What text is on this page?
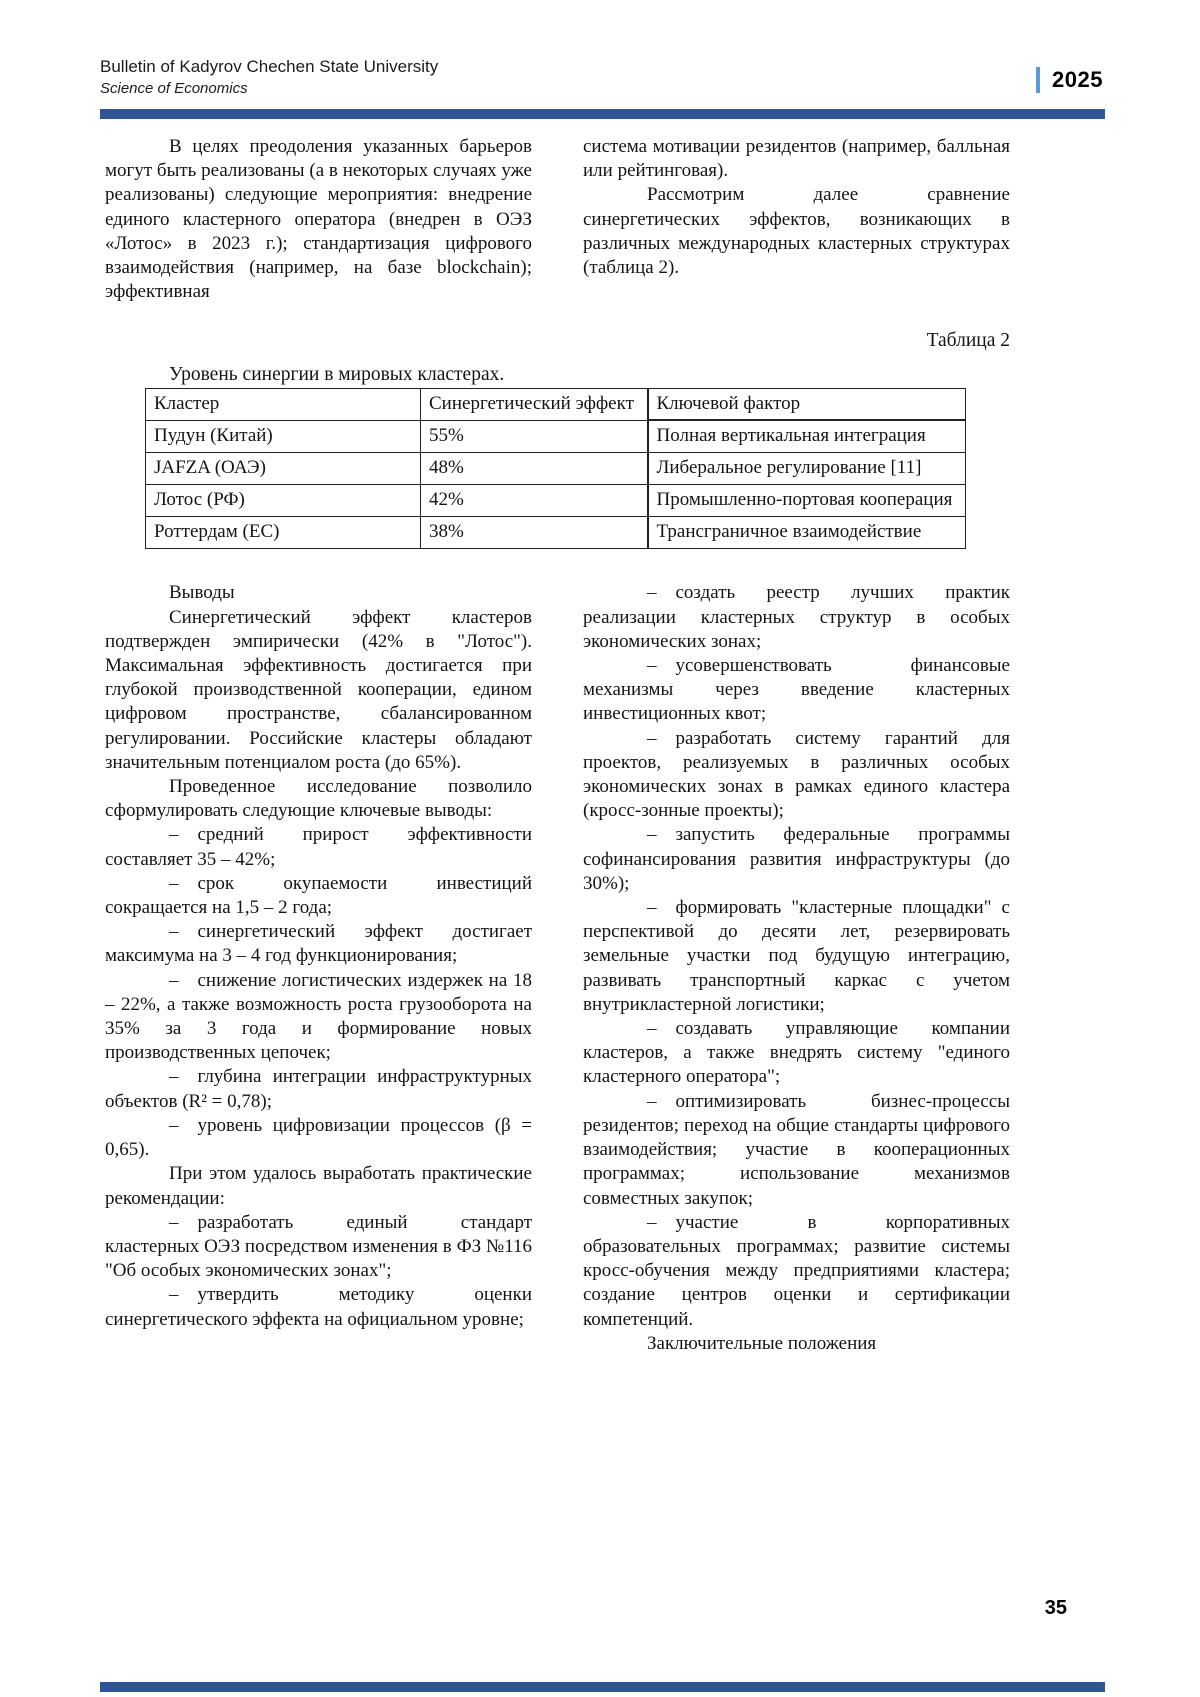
Bulletin of Kadyrov Chechen State University
Science of Economics	2025

В целях преодоления указанных барьеров могут быть реализованы (а в некоторых случаях уже реализованы) следующие мероприятия: внедрение единого кластерного оператора (внедрен в ОЭЗ «Лотос» в 2023 г.); стандартизация цифрового взаимодействия (например, на базе blockchain); эффективная

система мотивации резидентов (например, балльная или рейтинговая).

Рассмотрим далее сравнение синергетических эффектов, возникающих в различных международных кластерных структурах (таблица 2).

Таблица 2
Уровень синергии в мировых кластерах.
Кластер	Синергетический эффект	Ключевой фактор

Пудун (Китай)	55%	Полная вертикальная интеграция
JAFZA (ОАЭ)	48%	Либеральное регулирование [11]
Лотос (РФ)	42%	Промышленно-портовая кооперация
Роттердам (ЕС)	38%	Трансграничное взаимодействие

Выводы

Синергетический эффект кластеров подтвержден эмпирически (42% в "Лотос"). Максимальная эффективность достигается при глубокой производственной кооперации, едином цифровом пространстве, сбалансированном регулировании. Российские кластеры обладают значительным потенциалом роста (до 65%).

Проведенное исследование позволило сформулировать следующие ключевые выводы:

– средний прирост эффективности составляет 35 – 42%;

– срок окупаемости инвестиций сокращается на 1,5 – 2 года;

– синергетический эффект достигает максимума на 3 – 4 год функционирования;

– снижение логистических издержек на 18 – 22%, а также возможность роста грузооборота на 35% за 3 года и формирование новых производственных цепочек;

– глубина интеграции инфраструктурных объектов (R² = 0,78);

– уровень цифровизации процессов (β = 0,65).

При этом удалось выработать практические рекомендации:

– разработать единый стандарт кластерных ОЭЗ посредством изменения в ФЗ №116 "Об особых экономических зонах";

– утвердить методику оценки синергетического эффекта на официальном уровне;

– создать реестр лучших практик реализации кластерных структур в особых экономических зонах;

– усовершенствовать финансовые механизмы через введение кластерных инвестиционных квот;

– разработать систему гарантий для проектов, реализуемых в различных особых экономических зонах в рамках единого кластера (кросс-зонные проекты);

– запустить федеральные программы софинансирования развития инфраструктуры (до 30%);

– формировать "кластерные площадки" с перспективой до десяти лет, резервировать земельные участки под будущую интеграцию, развивать транспортный каркас с учетом внутрикластерной логистики;

– создавать управляющие компании кластеров, а также внедрять систему "единого кластерного оператора";

– оптимизировать бизнес-процессы резидентов; переход на общие стандарты цифрового взаимодействия; участие в кооперационных программах; использование механизмов совместных закупок;

– участие в корпоративных образовательных программах; развитие системы кросс-обучения между предприятиями кластера; создание центров оценки и сертификации компетенций.

Заключительные положения

35
